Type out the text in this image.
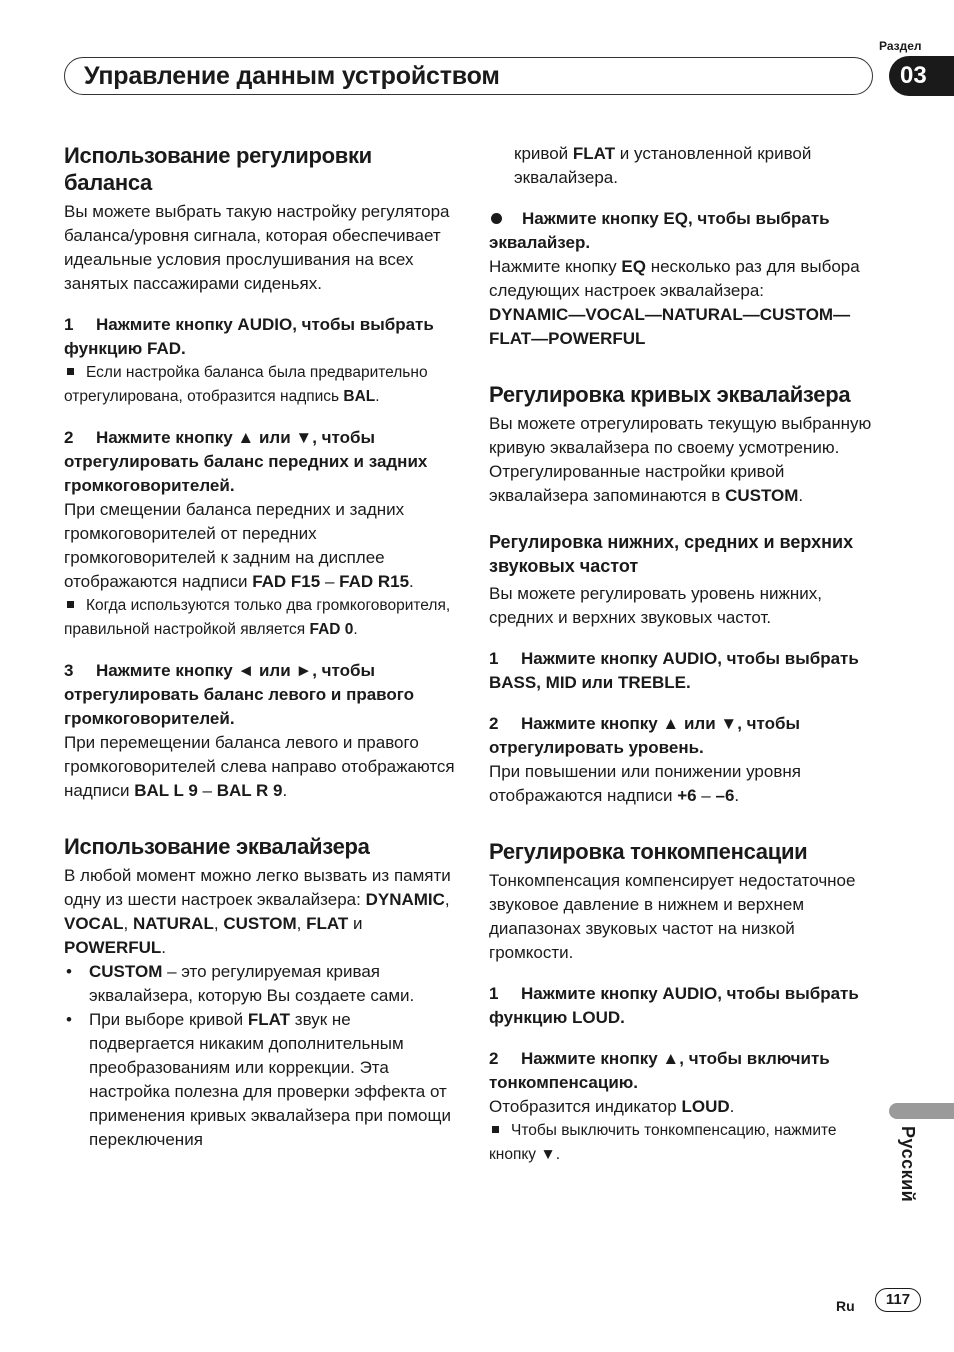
Управление данным устройством
Раздел
03
Использование регулировки баланса

Вы можете выбрать такую настройку регулятора баланса/уровня сигнала, которая обеспечивает идеальные условия прослушивания на всех занятых пассажирами сиденьях.

1 Нажмите кнопку AUDIO, чтобы выбрать функцию FAD.

Если настройка баланса была предварительно отрегулирована, отобразится надпись BAL.

2 Нажмите кнопку ▲ или ▼, чтобы отрегулировать баланс передних и задних громкоговорителей.

При смещении баланса передних и задних громкоговорителей от передних громкоговорителей к задним на дисплее отображаются надписи FAD F15 – FAD R15.

Когда используются только два громкоговорителя, правильной настройкой является FAD 0.

3 Нажмите кнопку ◄ или ►, чтобы отрегулировать баланс левого и правого громкоговорителей.

При перемещении баланса левого и правого громкоговорителей слева направо отображаются надписи BAL L 9 – BAL R 9.

Использование эквалайзера

В любой момент можно легко вызвать из памяти одну из шести настроек эквалайзера: DYNAMIC, VOCAL, NATURAL, CUSTOM, FLAT и POWERFUL.

• CUSTOM – это регулируемая кривая эквалайзера, которую Вы создаете сами.
• При выборе кривой FLAT звук не подвергается никаким дополнительным преобразованиям или коррекции. Эта настройка полезна для проверки эффекта от применения кривых эквалайзера при помощи переключения

кривой FLAT и установленной кривой эквалайзера.

Нажмите кнопку EQ, чтобы выбрать эквалайзер.

Нажмите кнопку EQ несколько раз для выбора следующих настроек эквалайзера:

DYNAMIC—VOCAL—NATURAL—CUSTOM—FLAT—POWERFUL

Регулировка кривых эквалайзера

Вы можете отрегулировать текущую выбранную кривую эквалайзера по своему усмотрению. Отрегулированные настройки кривой эквалайзера запоминаются в CUSTOM.

Регулировка нижних, средних и верхних звуковых частот

Вы можете регулировать уровень нижних, средних и верхних звуковых частот.

1 Нажмите кнопку AUDIO, чтобы выбрать BASS, MID или TREBLE.

2 Нажмите кнопку ▲ или ▼, чтобы отрегулировать уровень.

При повышении или понижении уровня отображаются надписи +6 – –6.

Регулировка тонкомпенсации

Тонкомпенсация компенсирует недостаточное звуковое давление в нижнем и верхнем диапазонах звуковых частот на низкой громкости.

1 Нажмите кнопку AUDIO, чтобы выбрать функцию LOUD.

2 Нажмите кнопку ▲, чтобы включить тонкомпенсацию.

Отобразится индикатор LOUD.

Чтобы выключить тонкомпенсацию, нажмите кнопку ▼.	Русский
Ru	117
